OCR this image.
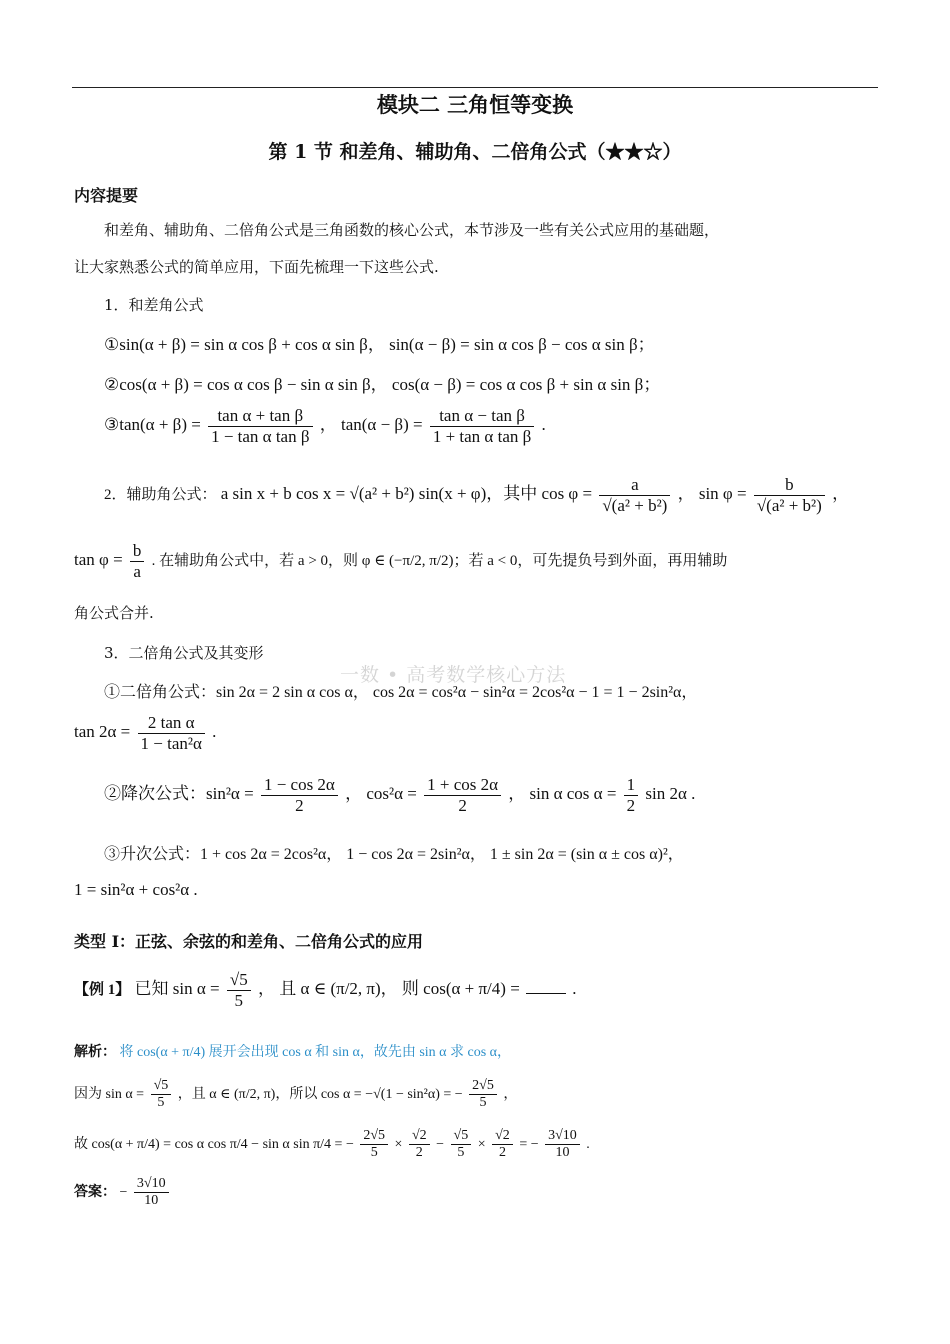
模块二 三角恒等变换
第 1 节 和差角、辅助角、二倍角公式（★★☆）
内容提要
和差角、辅助角、二倍角公式是三角函数的核心公式，本节涉及一些有关公式应用的基础题，
让大家熟悉公式的简单应用，下面先梳理一下这些公式.
1．和差角公式
①sin(α + β) = sin α cos β + cos α sin β， sin(α − β) = sin α cos β − cos α sin β；
②cos(α + β) = cos α cos β − sin α sin β， cos(α − β) = cos α cos β + sin α sin β；
③tan(α + $\beta) = \frac{\text{tan α + tan β}}{\text{1 − tan α tan β}}$ ， $\tan(\alpha - \beta) = \frac{\text{tan α − tan β}}{\text{1 + tan α tan β}}$ .
2．辅助角公式： a sin x + b cos x = √(a² + b²) sin(x + φ)，其中 $\cos \varphi = \frac{a}{\text{√(a² + b²)}}$ ， $\sin \varphi = \frac{b}{\text{√(a² + b²)}}$ ，
$\tan \varphi = \frac{b}{a}$ . 在辅助角公式中，若 a > 0，则 φ ∈ (−π/2, π/2)；若 a < 0，可先提负号到外面，再用辅助
角公式合并.
3．二倍角公式及其变形
一数 • 高考数学核心方法
①二倍角公式：sin 2α = 2 sin α cos α， cos 2α = cos²α − sin²α = 2cos²α − 1 = 1 − 2sin²α，
$\tan 2\alpha = \frac{\text{2 tan α}}{\text{1 − tan²α}}$ .
②降次公式：$\sin^2\alpha = \frac{1 - \cos 2\alpha}{2}$ ， $\cos^2\alpha = \frac{1 + \cos 2\alpha}{2}$ ， sin α $\cos \alpha = \frac{1}{2}$ sin 2α .
③升次公式：1 + cos 2α = 2cos²α， 1 − cos 2α = 2sin²α， 1 ± sin 2α = (sin α ± cos α)²，
1 = sin²α + cos²α .
类型 I：正弦、余弦的和差角、二倍角公式的应用
【例 1】 已知 $\sin \alpha = \frac{√5}{5}$ ， 且 α ∈ (π/2, π)， 则 cos(α + π/4) =	.
解析： 将 cos(α + π/4) 展开会出现 cos α 和 sin α，故先由 sin α 求 cos α，
因为 $\sin \alpha = \frac{√5}{5}$ ，且 α ∈ (π/2, π)，所以 cos α = −√(1 − sin²α) = − $\frac{2√5}{5}$ ，
故 cos(α + π/4) = cos α cos π/4 − sin α sin π/4 = − $\frac{2√5}{5} \times \frac{√2}{2} - \frac{√5}{5} \times \frac{√2}{2}$ = − $\frac{3√10}{10}$ .
答案： − $\frac{3√10}{10}$
